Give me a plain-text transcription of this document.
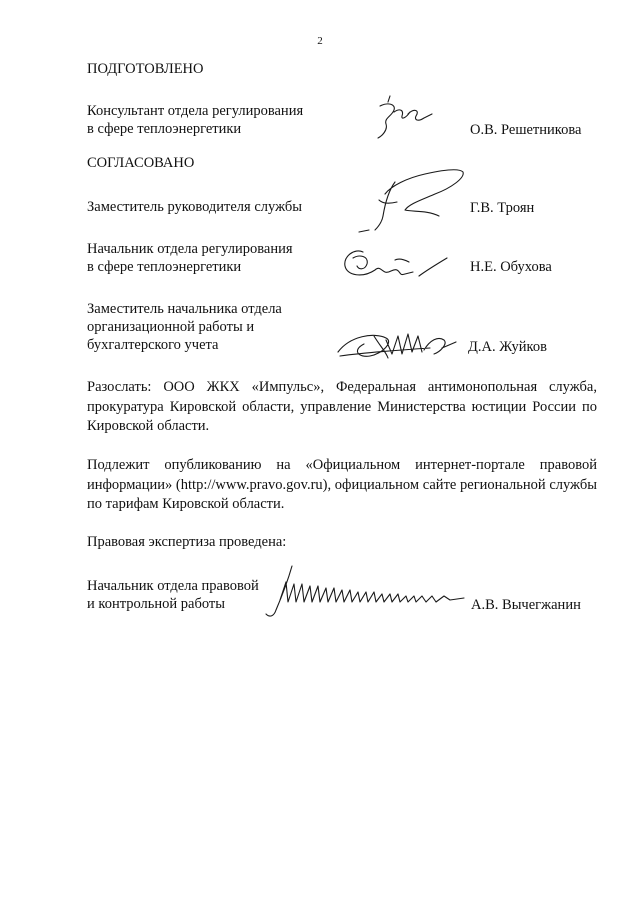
2
ПОДГОТОВЛЕНО
Консультант отдела регулирования
в сфере теплоэнергетики	О.В. Решетникова
СОГЛАСОВАНО
Заместитель руководителя службы	Г.В. Троян
Начальник отдела регулирования
в сфере теплоэнергетики	Н.Е. Обухова
Заместитель начальника отдела
организационной работы и
бухгалтерского учета	Д.А. Жуйков
Разослать: ООО ЖКХ «Импульс», Федеральная антимонопольная служба, прокуратура Кировской области, управление Министерства юстиции России по Кировской области.
Подлежит опубликованию на «Официальном интернет-портале правовой информации» (http://www.pravo.gov.ru), официальном сайте региональной службы по тарифам Кировской области.
Правовая экспертиза проведена:
Начальник отдела правовой
и контрольной работы	А.В. Вычегжанин
